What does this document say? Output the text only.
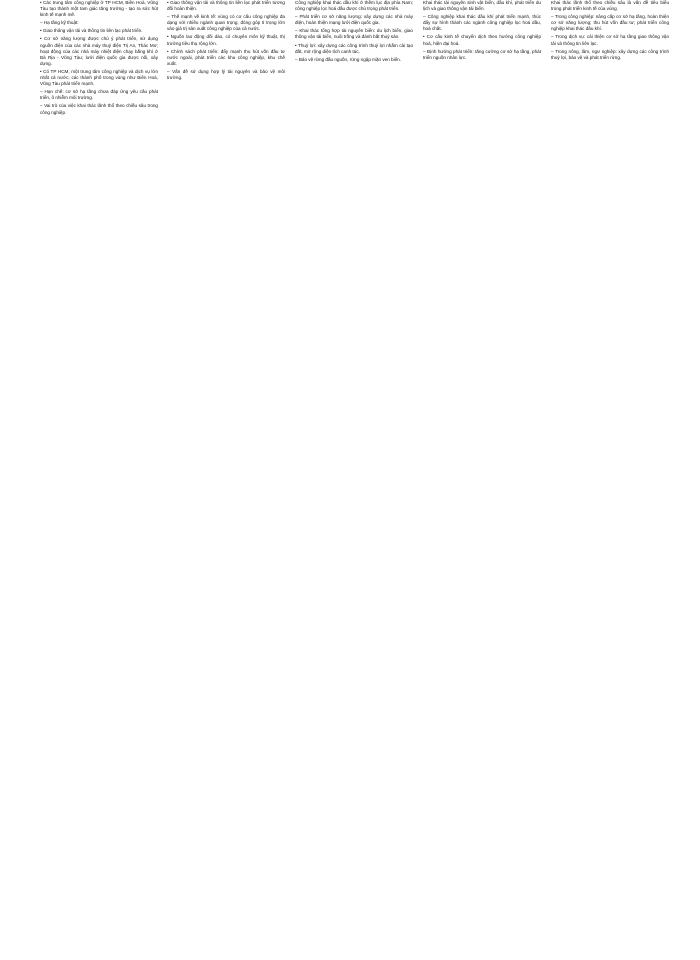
• Các trung tâm công nghiệp ở TP HCM, Biên Hoà, Vũng Tàu tạo thành một tam giác tăng trưởng - tạo ra sức hút kinh tế mạnh mẽ.
– Hạ tầng kỹ thuật:
• Giao thông vận tải và thông tin liên lạc phát triển.
• Cơ sở năng lượng được chú ý phát triển, sử dụng nguồn điện của các nhà máy thuỷ điện Trị An, Thác Mơ; hoạt động của các nhà máy nhiệt điện chạy bằng khí ở Bà Rịa - Vũng Tàu; lưới điện quốc gia được nối, xây dựng.
• Có TP HCM, một trung tâm công nghiệp và dịch vụ lớn nhất cả nước; các thành phố trong vùng như Biên Hoà, Vũng Tàu phát triển mạnh.
– Hạn chế: cơ sở hạ tầng chưa đáp ứng yêu cầu phát triển, ô nhiễm môi trường.
– Vai trò của việc khai thác lãnh thổ theo chiều sâu trong công nghiệp.
• Giao thông vận tải và thông tin liên lạc phát triển tương đối hoàn thiện.
– Thế mạnh về kinh tế: vùng có cơ cấu công nghiệp đa dạng với nhiều ngành quan trọng, đóng góp tỉ trọng lớn vào giá trị sản xuất công nghiệp của cả nước.
• Nguồn lao động dồi dào, có chuyên môn kỹ thuật, thị trường tiêu thụ rộng lớn.
• Chính sách phát triển: đẩy mạnh thu hút vốn đầu tư nước ngoài, phát triển các khu công nghiệp, khu chế xuất.
– Vấn đề sử dụng hợp lý tài nguyên và bảo vệ môi trường.
Công nghiệp khai thác dầu khí ở thềm lục địa phía Nam; công nghiệp lọc hoá dầu được chú trọng phát triển.
– Phát triển cơ sở năng lượng: xây dựng các nhà máy điện, hoàn thiện mạng lưới điện quốc gia.
– Khai thác tổng hợp tài nguyên biển: du lịch biển, giao thông vận tải biển, nuôi trồng và đánh bắt thuỷ sản.
• Thuỷ lợi: xây dựng các công trình thuỷ lợi nhằm cải tạo đất, mở rộng diện tích canh tác.
– Bảo vệ rừng đầu nguồn, rừng ngập mặn ven biển.
Khai thác tài nguyên sinh vật biển, dầu khí, phát triển du lịch và giao thông vận tải biển.
– Công nghiệp khai thác dầu khí phát triển mạnh, thúc đẩy sự hình thành các ngành công nghiệp lọc hoá dầu, hoá chất.
• Cơ cấu kinh tế chuyển dịch theo hướng công nghiệp hoá, hiện đại hoá.
– Định hướng phát triển: tăng cường cơ sở hạ tầng, phát triển nguồn nhân lực.
Khai thác lãnh thổ theo chiều sâu là vấn đề tiêu biểu trong phát triển kinh tế của vùng.
– Trong công nghiệp: nâng cấp cơ sở hạ tầng, hoàn thiện cơ sở năng lượng; thu hút vốn đầu tư; phát triển công nghiệp khai thác dầu khí.
– Trong dịch vụ: cải thiện cơ sở hạ tầng giao thông vận tải và thông tin liên lạc.
– Trong nông, lâm, ngư nghiệp: xây dựng các công trình thuỷ lợi, bảo vệ và phát triển rừng.
